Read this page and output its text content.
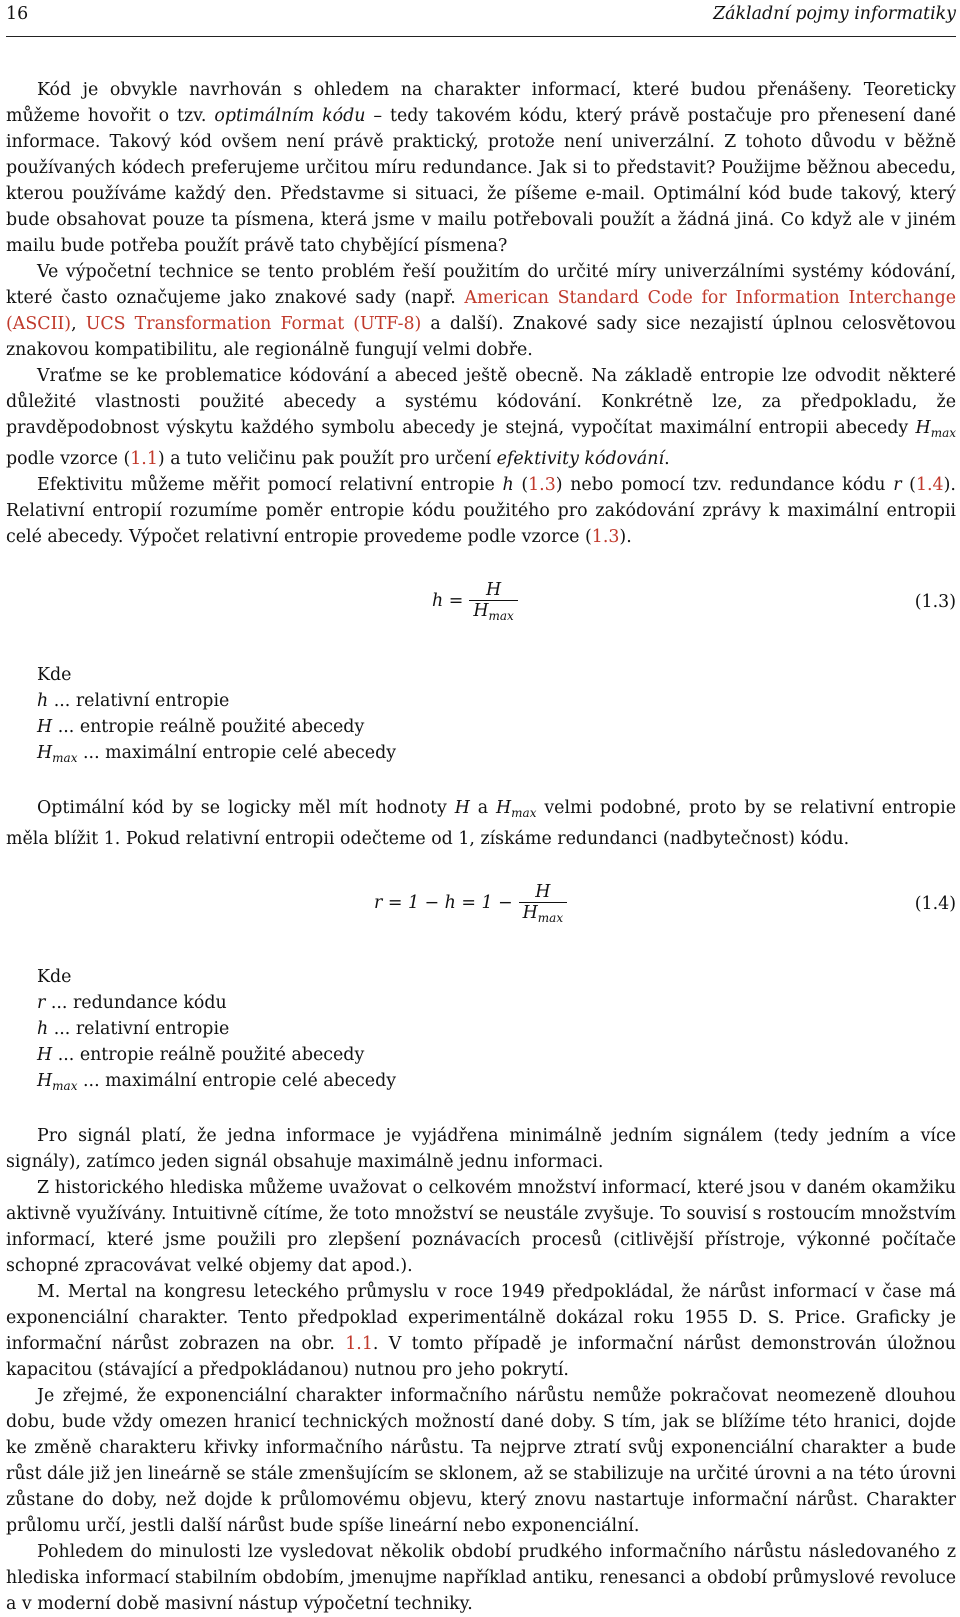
16	Základní pojmy informatiky

Kód je obvykle navrhován s ohledem na charakter informací, které budou přenášeny. Teoreticky můžeme hovořit o tzv. optimálním kódu – tedy takovém kódu, který právě postačuje pro přenesení dané informace. Takový kód ovšem není právě praktický, protože není univerzální. Z tohoto důvodu v běžně používaných kódech preferujeme určitou míru redundance. Jak si to představit? Použijme běžnou abecedu, kterou používáme každý den. Představme si situaci, že píšeme e-mail. Optimální kód bude takový, který bude obsahovat pouze ta písmena, která jsme v mailu potřebovali použít a žádná jiná. Co když ale v jiném mailu bude potřeba použít právě tato chybějící písmena?

Ve výpočetní technice se tento problém řeší použitím do určité míry univerzálními systémy kódování, které často označujeme jako znakové sady (např. American Standard Code for Information Interchange (ASCII), UCS Transformation Format (UTF-8) a další). Znakové sady sice nezajistí úplnou celosvětovou znakovou kompatibilitu, ale regionálně fungují velmi dobře.

Vraťme se ke problematice kódování a abeced ještě obecně. Na základě entropie lze odvodit některé důležité vlastnosti použité abecedy a systému kódování. Konkrétně lze, za předpokladu, že pravděpodobnost výskytu každého symbolu abecedy je stejná, vypočítat maximální entropii abecedy $H_{max}$ podle vzorce (1.1) a tuto veličinu pak použít pro určení efektivity kódování.

Efektivitu můžeme měřit pomocí relativní entropie h (1.3) nebo pomocí tzv. redundance kódu r (1.4). Relativní entropií rozumíme poměr entropie kódu použitého pro zakódování zprávy k maximální entropii celé abecedy. Výpočet relativní entropie provedeme podle vzorce (1.3).

$h = \frac{H}{H_{max}}$	(1.3)
Kde
h ... relativní entropie
H ... entropie reálně použité abecedy
$H_{max}$ ... maximální entropie celé abecedy

Optimální kód by se logicky měl mít hodnoty H a $H_{max}$ velmi podobné, proto by se relativní entropie měla blížit 1. Pokud relativní entropii odečteme od 1, získáme redundanci (nadbytečnost) kódu.

$r = 1 - h = 1 - \frac{H}{H_{max}}$	(1.4)
Kde
r ... redundance kódu
h ... relativní entropie
H ... entropie reálně použité abecedy
$H_{max}$ ... maximální entropie celé abecedy

Pro signál platí, že jedna informace je vyjádřena minimálně jedním signálem (tedy jedním a více signály), zatímco jeden signál obsahuje maximálně jednu informaci.

Z historického hlediska můžeme uvažovat o celkovém množství informací, které jsou v daném okamžiku aktivně využívány. Intuitivně cítíme, že toto množství se neustále zvyšuje. To souvisí s rostoucím množstvím informací, které jsme použili pro zlepšení poznávacích procesů (citlivější přístroje, výkonné počítače schopné zpracovávat velké objemy dat apod.).

M. Mertal na kongresu leteckého průmyslu v roce 1949 předpokládal, že nárůst informací v čase má exponenciální charakter. Tento předpoklad experimentálně dokázal roku 1955 D. S. Price. Graficky je informační nárůst zobrazen na obr. 1.1. V tomto případě je informační nárůst demonstrován úložnou kapacitou (stávající a předpokládanou) nutnou pro jeho pokrytí.

Je zřejmé, že exponenciální charakter informačního nárůstu nemůže pokračovat neomezeně dlouhou dobu, bude vždy omezen hranicí technických možností dané doby. S tím, jak se blížíme této hranici, dojde ke změně charakteru křivky informačního nárůstu. Ta nejprve ztratí svůj exponenciální charakter a bude růst dále již jen lineárně se stále zmenšujícím se sklonem, až se stabilizuje na určité úrovni a na této úrovni zůstane do doby, než dojde k průlomovému objevu, který znovu nastartuje informační nárůst. Charakter průlomu určí, jestli další nárůst bude spíše lineární nebo exponenciální.

Pohledem do minulosti lze vysledovat několik období prudkého informačního nárůstu následovaného z hlediska informací stabilním obdobím, jmenujme například antiku, renesanci a období průmyslové revoluce a v moderní době masivní nástup výpočetní techniky.
